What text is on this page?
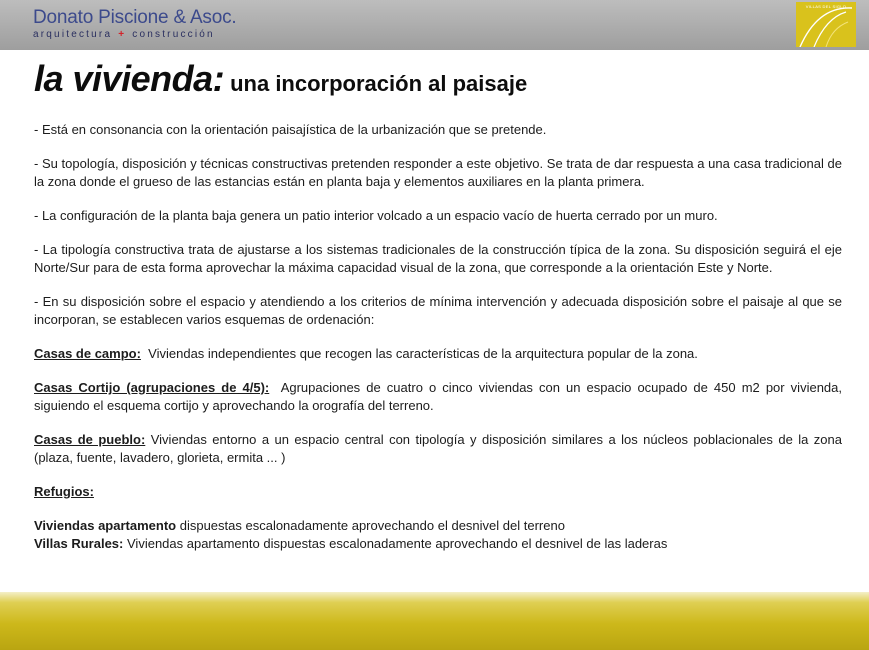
Donato Piscione & Asoc.
arquitectura + construcción
VILLAS DEL SIGLO
la vivienda: una incorporación al paisaje

- Está en consonancia con la orientación paisajística de la urbanización que se pretende.

- Su topología, disposición y técnicas constructivas pretenden responder a este objetivo. Se trata de dar respuesta a una casa tradicional de la zona donde el grueso de las estancias están en planta baja y elementos auxiliares en la planta primera.

- La configuración de la planta baja genera un patio interior volcado a un espacio vacío de huerta cerrado por un muro.

- La tipología constructiva trata de ajustarse a los sistemas tradicionales de la construcción típica de la zona. Su disposición seguirá el eje Norte/Sur para de esta forma aprovechar la máxima capacidad visual de la zona, que corresponde a la orientación Este y Norte.

- En su disposición sobre el espacio y atendiendo a los criterios de mínima intervención y adecuada disposición sobre el paisaje al que se incorporan, se establecen varios esquemas de ordenación:

Casas de campo: Viviendas independientes que recogen las características de la arquitectura popular de la zona.

Casas Cortijo (agrupaciones de 4/5): Agrupaciones de cuatro o cinco viviendas con un espacio ocupado de 450 m2 por vivienda, siguiendo el esquema cortijo y aprovechando la orografía del terreno.

Casas de pueblo: Viviendas entorno a un espacio central con tipología y disposición similares a los núcleos poblacionales de la zona (plaza, fuente, lavadero, glorieta, ermita ... )

Refugios:

Viviendas apartamento dispuestas escalonadamente aprovechando el desnivel del terreno

Villas Rurales: Viviendas apartamento dispuestas escalonadamente aprovechando el desnivel de las laderas
